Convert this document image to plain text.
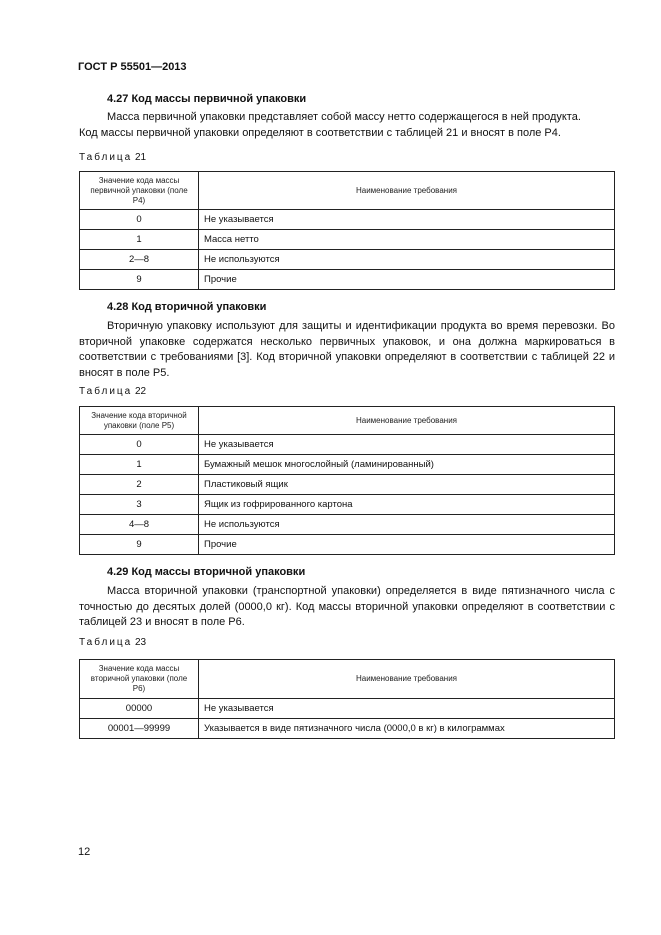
ГОСТ Р 55501—2013
4.27 Код массы первичной упаковки

Масса первичной упаковки представляет собой массу нетто содержащегося в ней продукта.
Код массы первичной упаковки определяют в соответствии с таблицей 21 и вносят в поле Р4.

Таблица 21
Значение кода массы первичной упаковки (поле Р4)	Наименование требования
0	Не указывается
1	Масса нетто
2—8	Не используются
9	Прочие
4.28 Код вторичной упаковки

Вторичную упаковку используют для защиты и идентификации продукта во время перевозки. Во вторичной упаковке содержатся несколько первичных упаковок, и она должна маркироваться в соответствии с требованиями [3]. Код вторичной упаковки определяют в соответствии с таблицей 22 и вносят в поле Р5.

Таблица 22
Значение кода вторичной упаковки (поле Р5)	Наименование требования
0	Не указывается
1	Бумажный мешок многослойный (ламинированный)
2	Пластиковый ящик
3	Ящик из гофрированного картона
4—8	Не используются
9	Прочие
4.29 Код массы вторичной упаковки

Масса вторичной упаковки (транспортной упаковки) определяется в виде пятизначного числа с точностью до десятых долей (0000,0 кг). Код массы вторичной упаковки определяют в соответствии с таблицей 23 и вносят в поле Р6.

Таблица 23
Значение кода массы вторичной упаковки (поле Р6)	Наименование требования
00000	Не указывается
00001—99999	Указывается в виде пятизначного числа (0000,0 в кг) в килограммах
12
